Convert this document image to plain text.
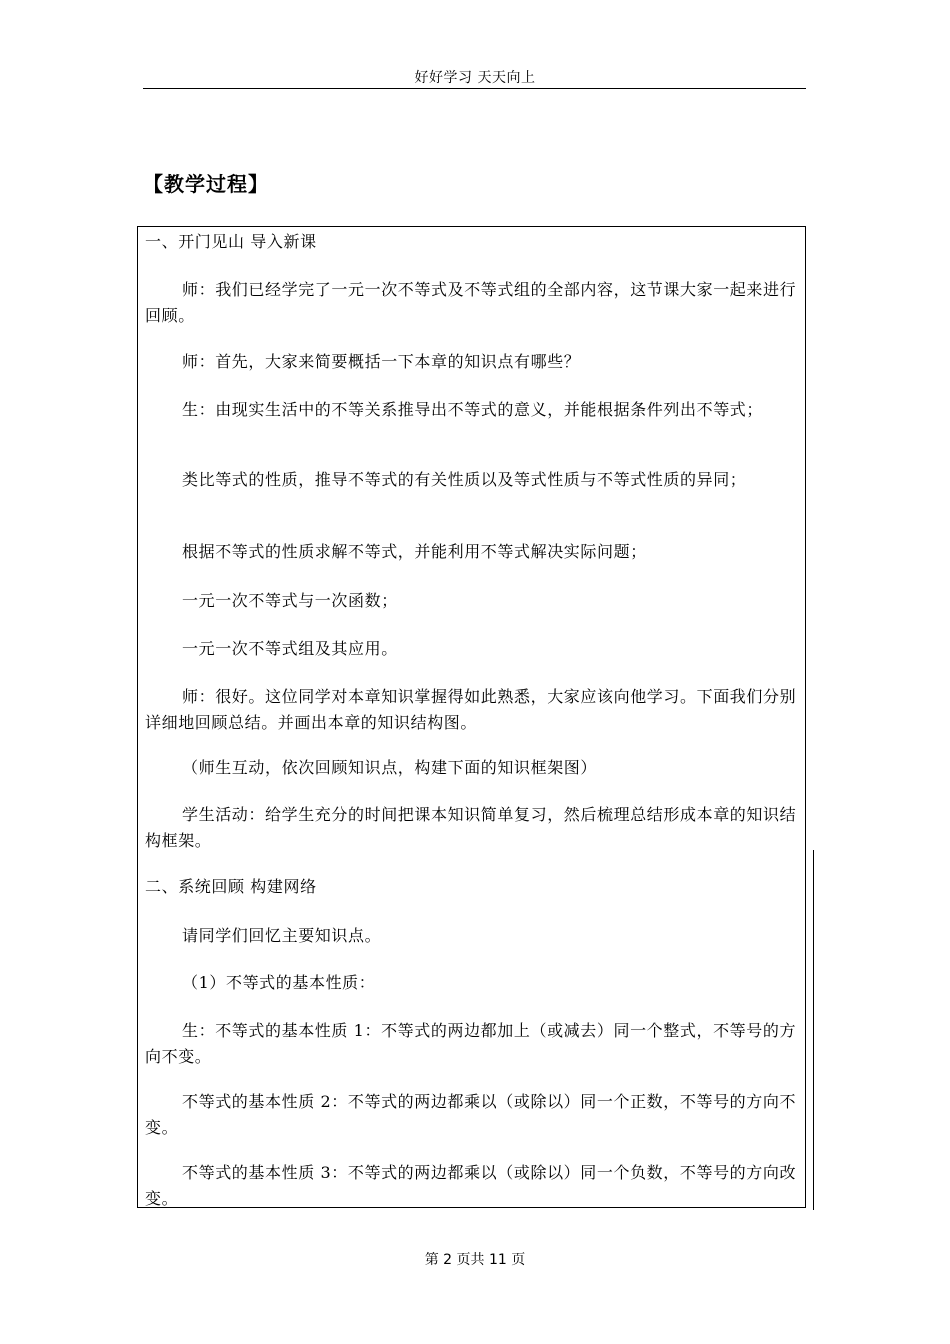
好好学习 天天向上
【教学过程】

一、开门见山 导入新课

师：我们已经学完了一元一次不等式及不等式组的全部内容，这节课大家一起来进行回顾。

师：首先，大家来简要概括一下本章的知识点有哪些？

生：由现实生活中的不等关系推导出不等式的意义，并能根据条件列出不等式；

类比等式的性质，推导不等式的有关性质以及等式性质与不等式性质的异同；

根据不等式的性质求解不等式，并能利用不等式解决实际问题；

一元一次不等式与一次函数；

一元一次不等式组及其应用。

师：很好。这位同学对本章知识掌握得如此熟悉，大家应该向他学习。下面我们分别详细地回顾总结。并画出本章的知识结构图。

（师生互动，依次回顾知识点，构建下面的知识框架图）

学生活动：给学生充分的时间把课本知识简单复习，然后梳理总结形成本章的知识结构框架。

二、系统回顾 构建网络

请同学们回忆主要知识点。

（1）不等式的基本性质：

生：不等式的基本性质 1：不等式的两边都加上（或减去）同一个整式，不等号的方向不变。

不等式的基本性质 2：不等式的两边都乘以（或除以）同一个正数，不等号的方向不变。

不等式的基本性质 3：不等式的两边都乘以（或除以）同一个负数，不等号的方向改变。

第 2 页共 11 页
